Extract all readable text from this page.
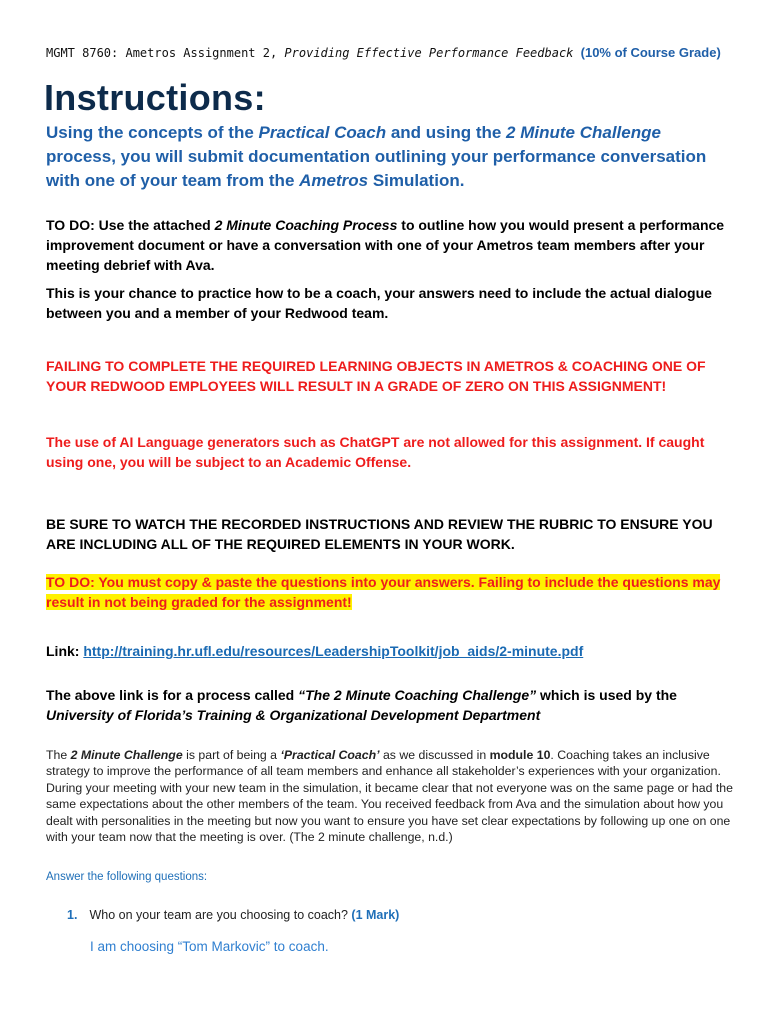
MGMT 8760: Ametros Assignment 2, Providing Effective Performance Feedback (10% of Course Grade)
Instructions:
Using the concepts of the Practical Coach and using the 2 Minute Challenge process, you will submit documentation outlining your performance conversation with one of your team from the Ametros Simulation.
TO DO: Use the attached 2 Minute Coaching Process to outline how you would present a performance improvement document or have a conversation with one of your Ametros team members after your meeting debrief with Ava.
This is your chance to practice how to be a coach, your answers need to include the actual dialogue between you and a member of your Redwood team.
FAILING TO COMPLETE THE REQUIRED LEARNING OBJECTS IN AMETROS & COACHING ONE OF YOUR REDWOOD EMPLOYEES WILL RESULT IN A GRADE OF ZERO ON THIS ASSIGNMENT!
The use of AI Language generators such as ChatGPT are not allowed for this assignment. If caught using one, you will be subject to an Academic Offense.
BE SURE TO WATCH THE RECORDED INSTRUCTIONS AND REVIEW THE RUBRIC TO ENSURE YOU ARE INCLUDING ALL OF THE REQUIRED ELEMENTS IN YOUR WORK.
TO DO: You must copy & paste the questions into your answers. Failing to include the questions may result in not being graded for the assignment!
Link: http://training.hr.ufl.edu/resources/LeadershipToolkit/job_aids/2-minute.pdf
The above link is for a process called “The 2 Minute Coaching Challenge” which is used by the University of Florida’s Training & Organizational Development Department
The 2 Minute Challenge is part of being a ‘Practical Coach’ as we discussed in module 10. Coaching takes an inclusive strategy to improve the performance of all team members and enhance all stakeholder’s experiences with your organization. During your meeting with your new team in the simulation, it became clear that not everyone was on the same page or had the same expectations about the other members of the team. You received feedback from Ava and the simulation about how you dealt with personalities in the meeting but now you want to ensure you have set clear expectations by following up one on one with your team now that the meeting is over. (The 2 minute challenge, n.d.)
Answer the following questions:
1. Who on your team are you choosing to coach? (1 Mark)
I am choosing “Tom Markovic” to coach.
